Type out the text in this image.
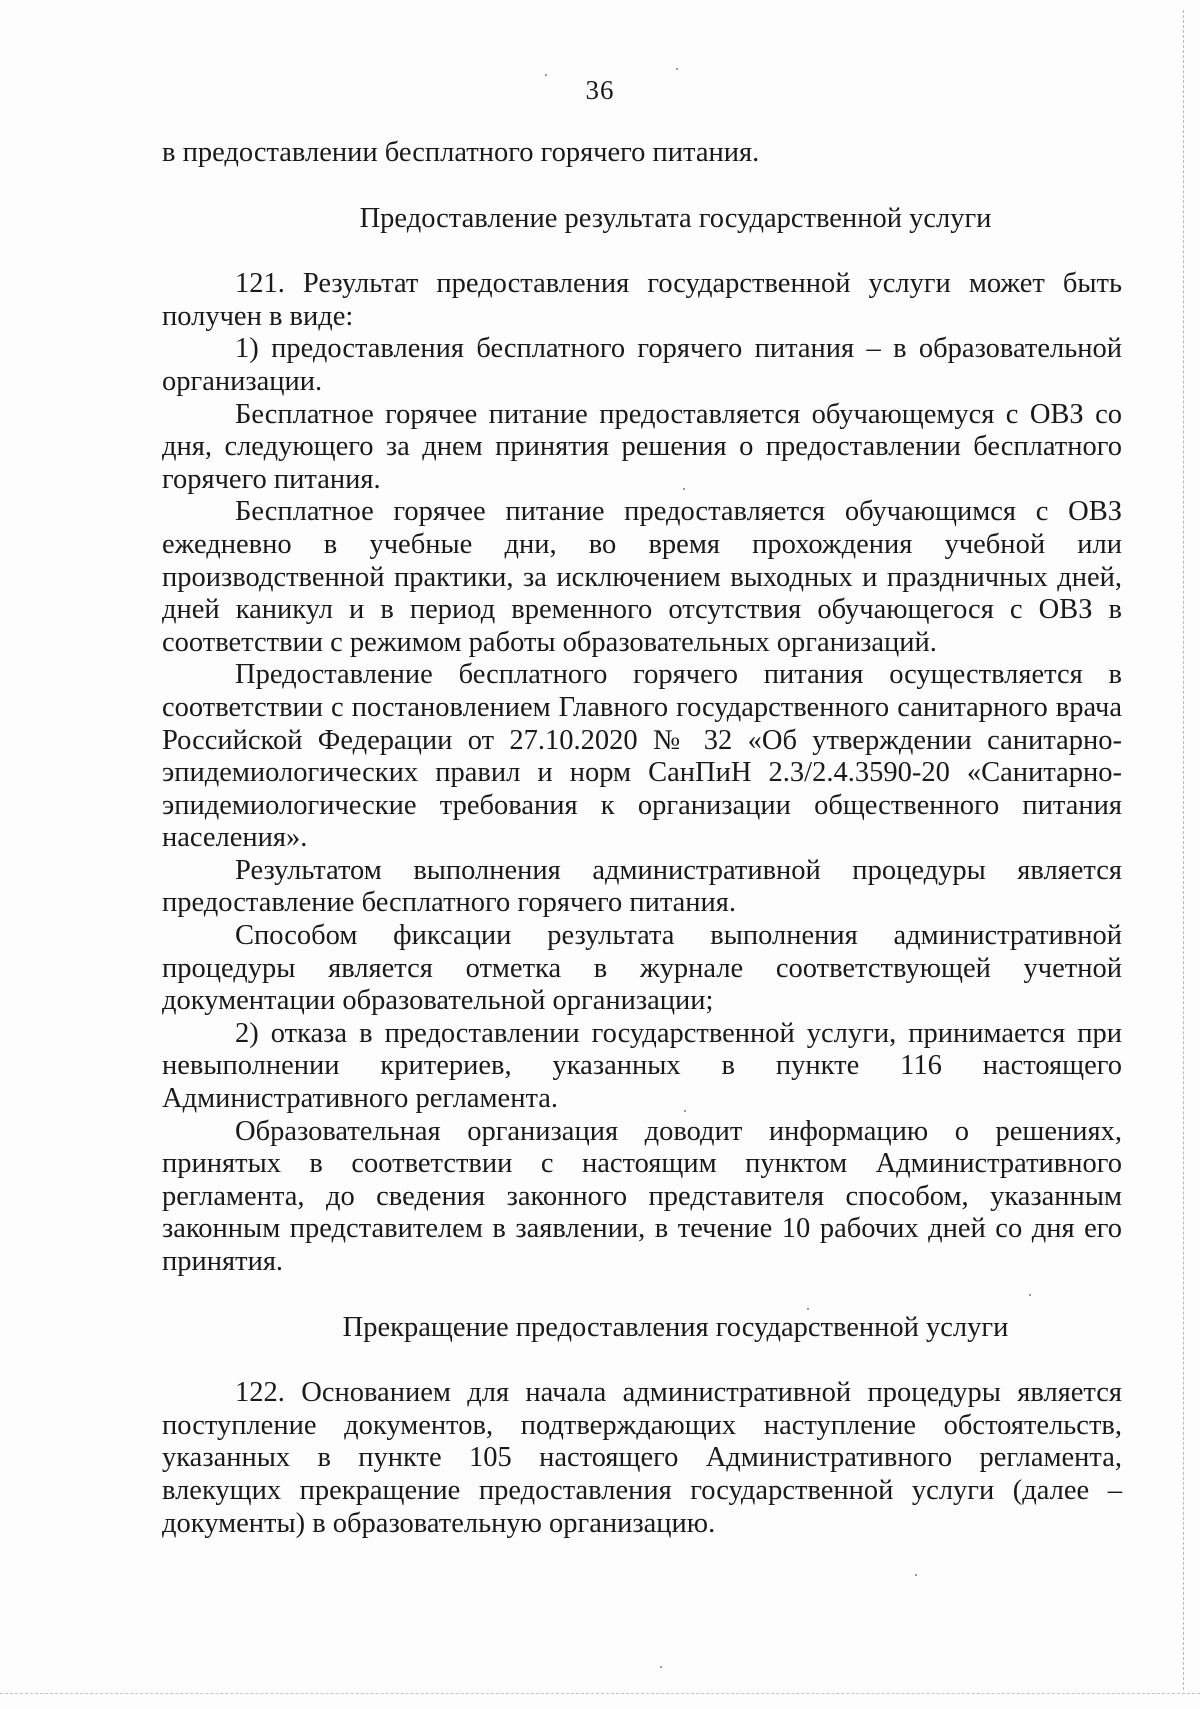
36

в предоставлении бесплатного горячего питания.

Предоставление результата государственной услуги

121. Результат предоставления государственной услуги может быть получен в виде:

1) предоставления бесплатного горячего питания – в образовательной организации.

Бесплатное горячее питание предоставляется обучающемуся с ОВЗ со дня, следующего за днем принятия решения о предоставлении бесплатного горячего питания.

Бесплатное горячее питание предоставляется обучающимся с ОВЗ ежедневно в учебные дни, во время прохождения учебной или производственной практики, за исключением выходных и праздничных дней, дней каникул и в период временного отсутствия обучающегося с ОВЗ в соответствии с режимом работы образовательных организаций.

Предоставление бесплатного горячего питания осуществляется в соответствии с постановлением Главного государственного санитарного врача Российской Федерации от 27.10.2020 № 32 «Об утверждении санитарно-эпидемиологических правил и норм СанПиН 2.3/2.4.3590-20 «Санитарно-эпидемиологические требования к организации общественного питания населения».

Результатом выполнения административной процедуры является предоставление бесплатного горячего питания.

Способом фиксации результата выполнения административной процедуры является отметка в журнале соответствующей учетной документации образовательной организации;

2) отказа в предоставлении государственной услуги, принимается при невыполнении критериев, указанных в пункте 116 настоящего Административного регламента.

Образовательная организация доводит информацию о решениях, принятых в соответствии с настоящим пунктом Административного регламента, до сведения законного представителя способом, указанным законным представителем в заявлении, в течение 10 рабочих дней со дня его принятия.

Прекращение предоставления государственной услуги

122. Основанием для начала административной процедуры является поступление документов, подтверждающих наступление обстоятельств, указанных в пункте 105 настоящего Административного регламента, влекущих прекращение предоставления государственной услуги (далее – документы) в образовательную организацию.
